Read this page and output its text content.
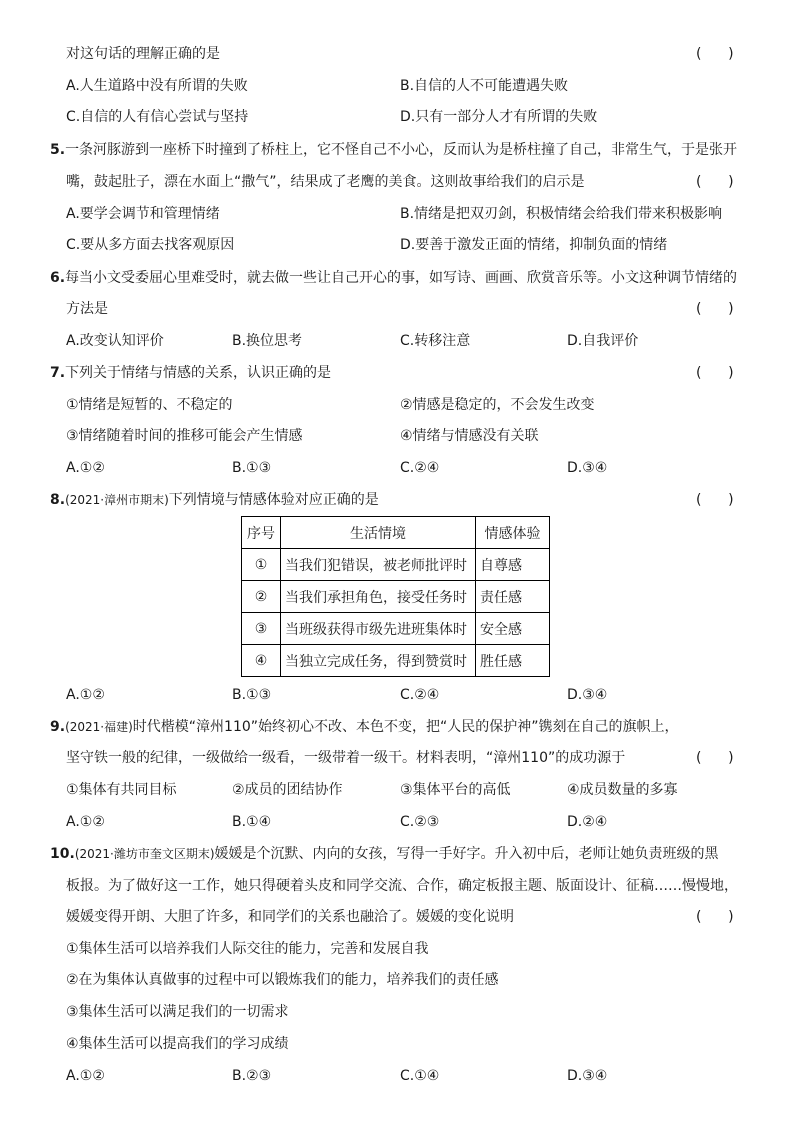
对这句话的理解正确的是	(      )
A.人生道路中没有所谓的失败	B.自信的人不可能遭遇失败
C.自信的人有信心尝试与坚持	D.只有一部分人才有所谓的失败
5.一条河豚游到一座桥下时撞到了桥柱上，它不怪自己不小心，反而认为是桥柱撞了自己，非常生气，于是张开
嘴，鼓起肚子，漂在水面上“撒气”，结果成了老鹰的美食。这则故事给我们的启示是	(      )
A.要学会调节和管理情绪	B.情绪是把双刃剑，积极情绪会给我们带来积极影响
C.要从多方面去找客观原因	D.要善于激发正面的情绪，抑制负面的情绪
6.每当小文受委屈心里难受时，就去做一些让自己开心的事，如写诗、画画、欣赏音乐等。小文这种调节情绪的
方法是	(      )
A.改变认知评价	B.换位思考	C.转移注意	D.自我评价
7.下列关于情绪与情感的关系，认识正确的是	(      )
①情绪是短暂的、不稳定的	②情感是稳定的，不会发生改变
③情绪随着时间的推移可能会产生情感	④情绪与情感没有关联
A.①②	B.①③	C.②④	D.③④
8.(2021·漳州市期末)下列情境与情感体验对应正确的是	(      )
序号	生活情境	情感体验
①	当我们犯错误，被老师批评时	自尊感
②	当我们承担角色，接受任务时	责任感
③	当班级获得市级先进班集体时	安全感
④	当独立完成任务，得到赞赏时	胜任感
A.①②	B.①③	C.②④	D.③④
9.(2021·福建)时代楷模“漳州110”始终初心不改、本色不变，把“人民的保护神”镌刻在自己的旗帜上，
坚守铁一般的纪律，一级做给一级看，一级带着一级干。材料表明，“漳州110”的成功源于	(      )
①集体有共同目标	②成员的团结协作	③集体平台的高低	④成员数量的多寡
A.①②	B.①④	C.②③	D.②④
10.(2021·潍坊市奎文区期末)媛媛是个沉默、内向的女孩，写得一手好字。升入初中后，老师让她负责班级的黑
板报。为了做好这一工作，她只得硬着头皮和同学交流、合作，确定板报主题、版面设计、征稿……慢慢地，
媛媛变得开朗、大胆了许多，和同学们的关系也融洽了。媛媛的变化说明	(      )
①集体生活可以培养我们人际交往的能力，完善和发展自我
②在为集体认真做事的过程中可以锻炼我们的能力，培养我们的责任感
③集体生活可以满足我们的一切需求
④集体生活可以提高我们的学习成绩
A.①②	B.②③	C.①④	D.③④
